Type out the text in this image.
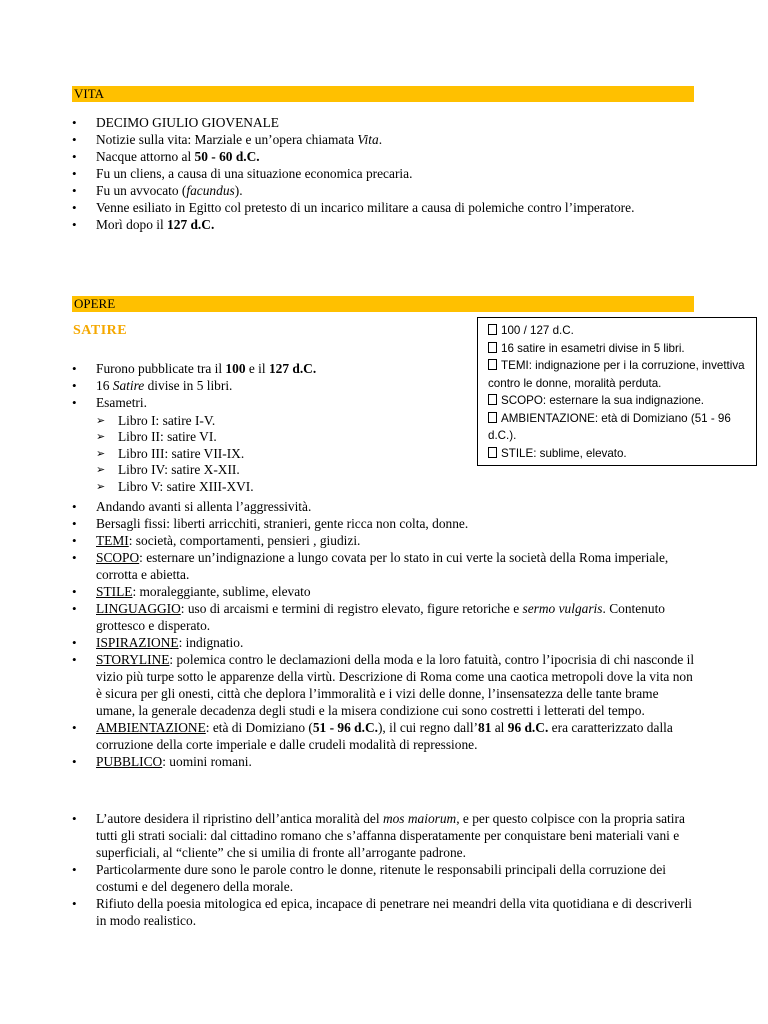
VITA
• DECIMO GIULIO GIOVENALE
• Notizie sulla vita: Marziale e un’opera chiamata Vita.
• Nacque attorno al 50 - 60 d.C.
• Fu un cliens, a causa di una situazione economica precaria.
• Fu un avvocato (facundus).
• Venne esiliato in Egitto col pretesto di un incarico militare a causa di polemiche contro l’imperatore.
• Morì dopo il 127 d.C.
OPERE
SATIRE	100 / 127 d.C.
16 satire in esametri divise in 5 libri.
TEMI: indignazione per i la corruzione, invettiva contro le donne, moralità perduta.
SCOPO: esternare la sua indignazione.
AMBIENTAZIONE: età di Domiziano (51 - 96 d.C.).
STILE: sublime, elevato.
• Furono pubblicate tra il 100 e il 127 d.C.
• 16 Satire divise in 5 libri.
• Esametri.
➢ Libro I: satire I-V.
➢ Libro II: satire VI.
➢ Libro III: satire VII-IX.
➢ Libro IV: satire X-XII.
➢ Libro V: satire XIII-XVI.
• Andando avanti si allenta l’aggressività.
• Bersagli fissi: liberti arricchiti, stranieri, gente ricca non colta, donne.
• TEMI: società, comportamenti, pensieri , giudizi.
• SCOPO: esternare un’indignazione a lungo covata per lo stato in cui verte la società della Roma imperiale, corrotta e abietta.
• STILE: moraleggiante, sublime, elevato
• LINGUAGGIO: uso di arcaismi e termini di registro elevato, figure retoriche e sermo vulgaris. Contenuto grottesco e disperato.
• ISPIRAZIONE: indignatio.
• STORYLINE: polemica contro le declamazioni della moda e la loro fatuità, contro l’ipocrisia di chi nasconde il vizio più turpe sotto le apparenze della virtù. Descrizione di Roma come una caotica metropoli dove la vita non è sicura per gli onesti, città che deplora l’immoralità e i vizi delle donne, l’insensatezza delle tante brame umane, la generale decadenza degli studi e la misera condizione cui sono costretti i letterati del tempo.
• AMBIENTAZIONE: età di Domiziano (51 - 96 d.C.), il cui regno dall’81 al 96 d.C. era caratterizzato dalla corruzione della corte imperiale e dalle crudeli modalità di repressione.
• PUBBLICO: uomini romani.
• L’autore desidera il ripristino dell’antica moralità del mos maiorum, e per questo colpisce con la propria satira tutti gli strati sociali: dal cittadino romano che s’affanna disperatamente per conquistare beni materiali vani e superficiali, al “cliente” che si umilia di fronte all’arrogante padrone.
• Particolarmente dure sono le parole contro le donne, ritenute le responsabili principali della corruzione dei costumi e del degenero della morale.
• Rifiuto della poesia mitologica ed epica, incapace di penetrare nei meandri della vita quotidiana e di descriverli in modo realistico.
